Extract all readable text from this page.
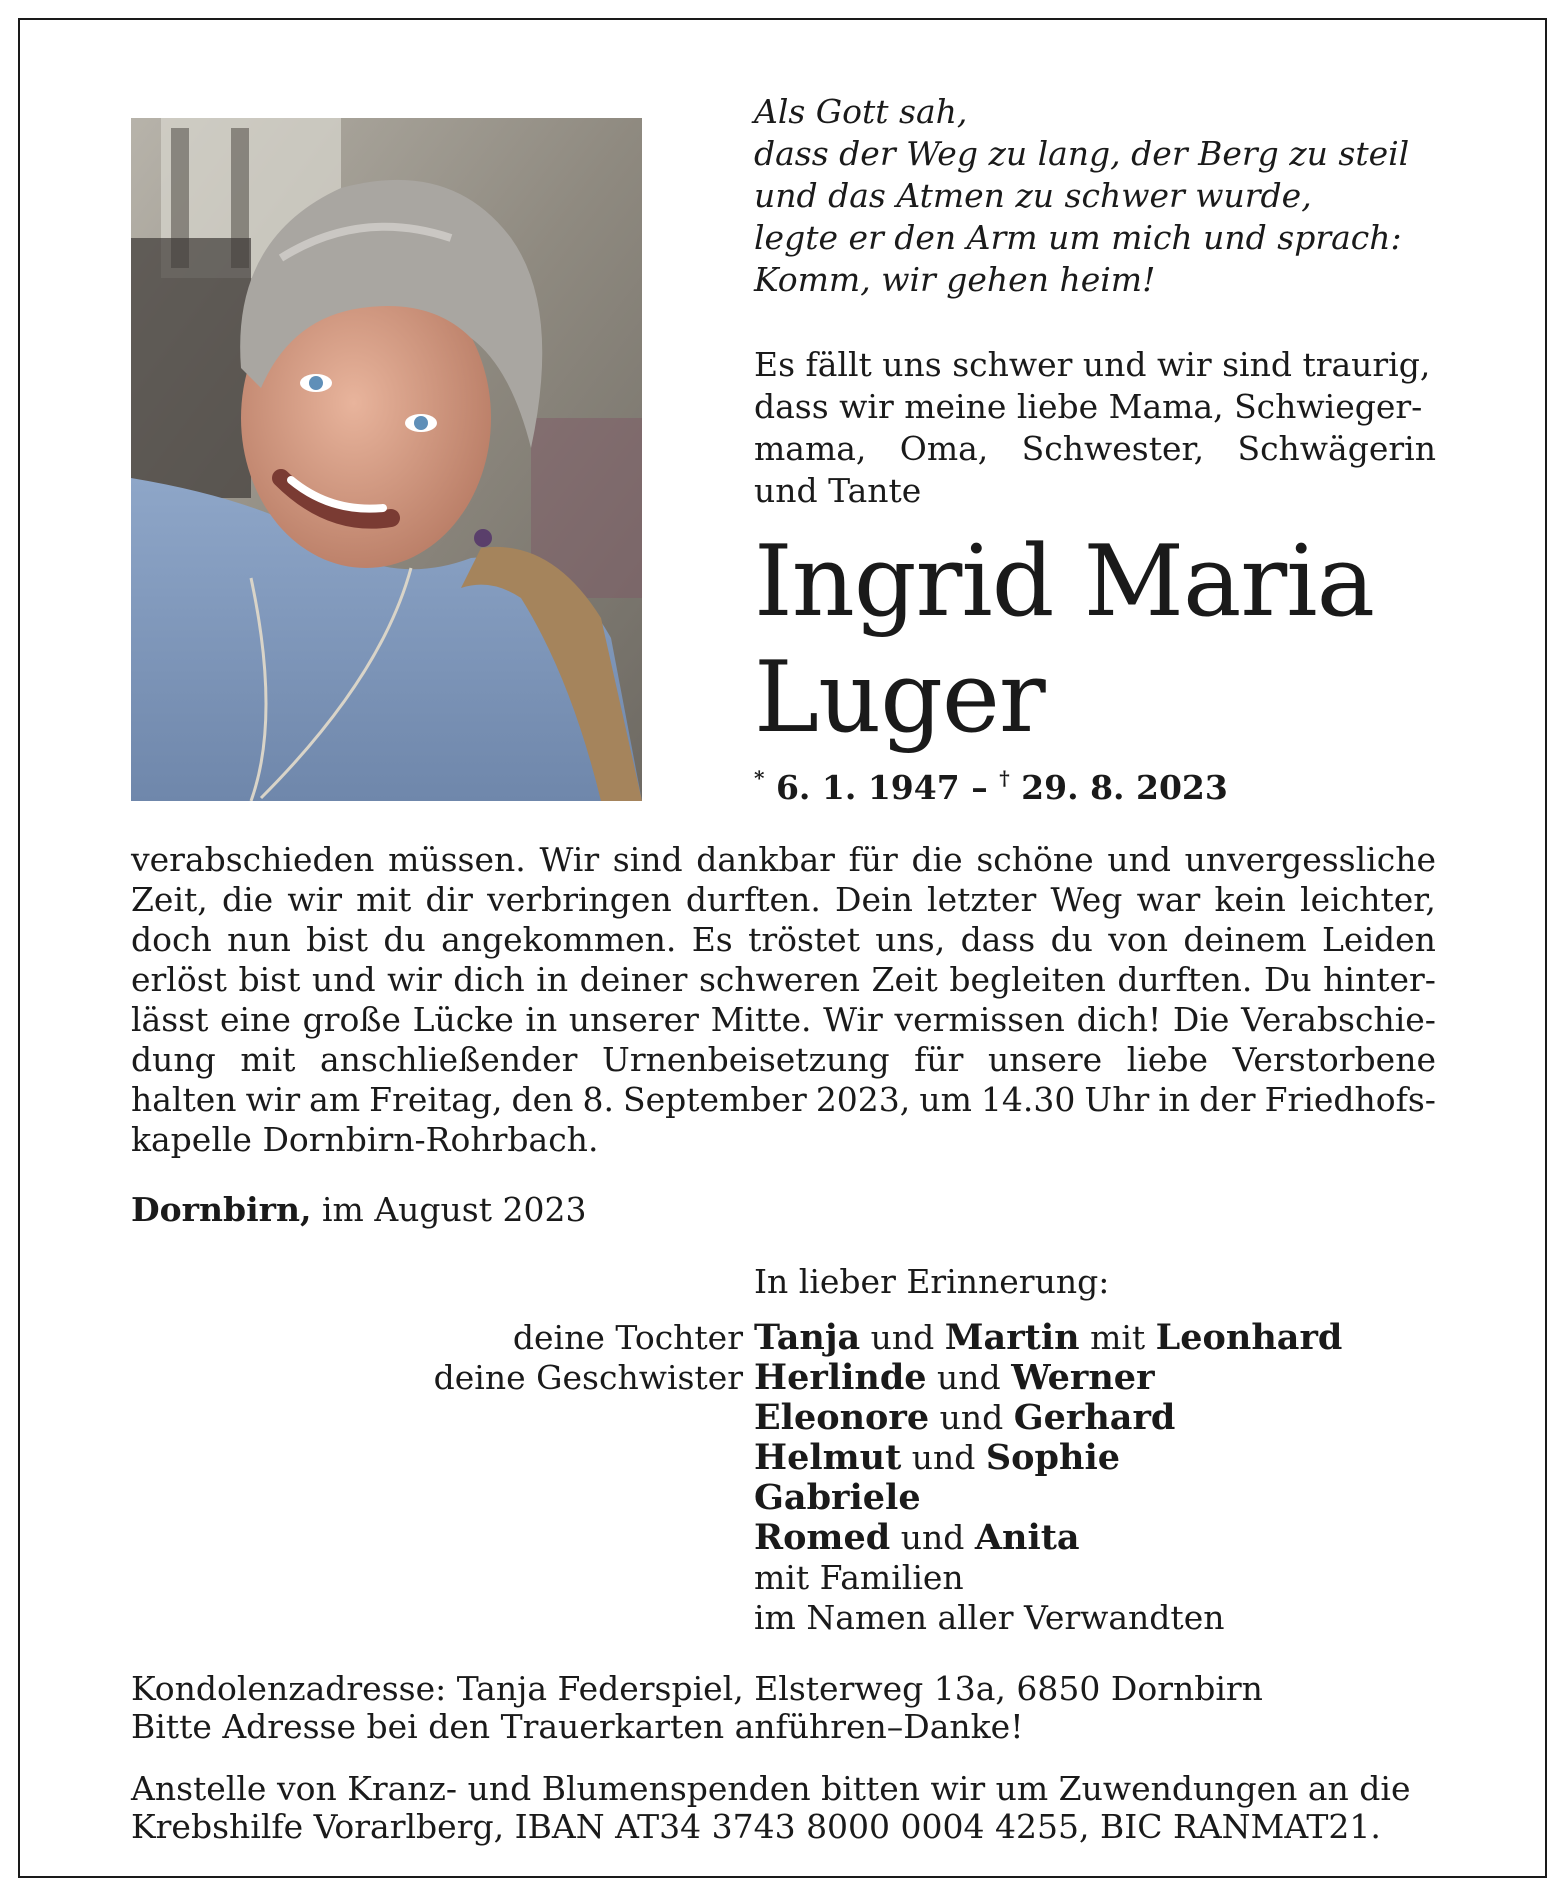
Als Gott sah,
dass der Weg zu lang, der Berg zu steil
und das Atmen zu schwer wurde,
legte er den Arm um mich und sprach:
Komm, wir gehen heim!
Es fällt uns schwer und wir sind traurig,
dass wir meine liebe Mama, Schwieger-
mama, Oma, Schwester, Schwägerin
und Tante
Ingrid Maria
Luger
* 6. 1. 1947 – † 29. 8. 2023
verabschieden müssen. Wir sind dankbar für die schöne und unvergessliche
Zeit, die wir mit dir verbringen durften. Dein letzter Weg war kein leichter,
doch nun bist du angekommen. Es tröstet uns, dass du von deinem Leiden
erlöst bist und wir dich in deiner schweren Zeit begleiten durften. Du hinter-
lässt eine große Lücke in unserer Mitte. Wir vermissen dich! Die Verabschie-
dung mit anschließender Urnenbeisetzung für unsere liebe Verstorbene
halten wir am Freitag, den 8. September 2023, um 14.30 Uhr in der Friedhofs-
kapelle Dornbirn-Rohrbach.
Dornbirn, im August 2023
In lieber Erinnerung:
deine Tochter
deine Geschwister
Tanja und Martin mit Leonhard
Herlinde und Werner
Eleonore und Gerhard
Helmut und Sophie
Gabriele
Romed und Anita
mit Familien
im Namen aller Verwandten
Kondolenzadresse: Tanja Federspiel, Elsterweg 13a, 6850 Dornbirn
Bitte Adresse bei den Trauerkarten anführen–Danke!
Anstelle von Kranz- und Blumenspenden bitten wir um Zuwendungen an die
Krebshilfe Vorarlberg, IBAN AT34 3743 8000 0004 4255, BIC RANMAT21.
